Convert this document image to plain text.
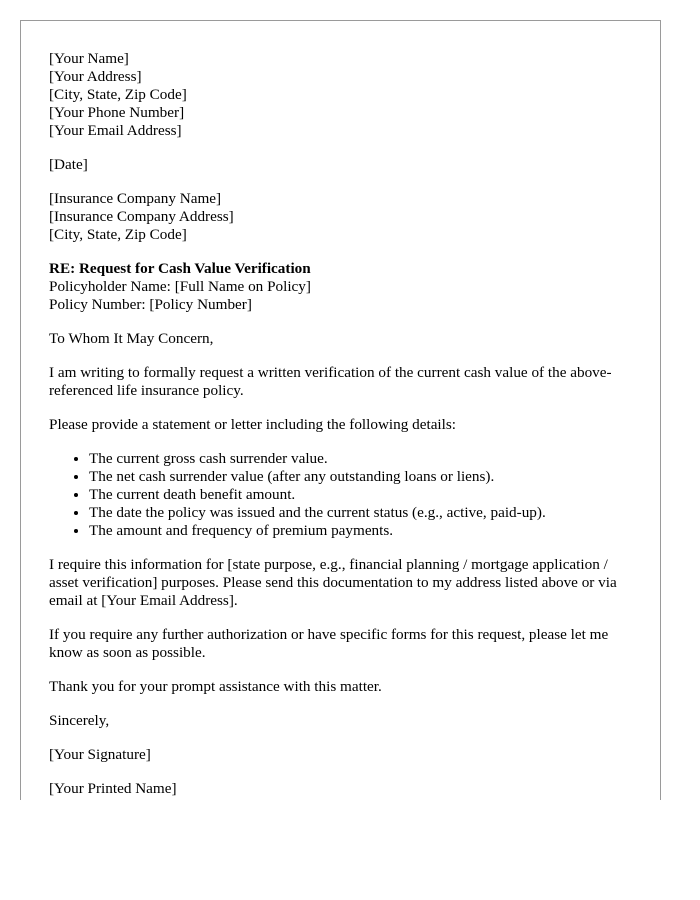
[Your Name]
[Your Address]
[City, State, Zip Code]
[Your Phone Number]
[Your Email Address]
[Date]
[Insurance Company Name]
[Insurance Company Address]
[City, State, Zip Code]
RE: Request for Cash Value Verification
Policyholder Name: [Full Name on Policy]
Policy Number: [Policy Number]

To Whom It May Concern,

I am writing to formally request a written verification of the current cash value of the above-referenced life insurance policy.

Please provide a statement or letter including the following details:

• The current gross cash surrender value.
• The net cash surrender value (after any outstanding loans or liens).
• The current death benefit amount.
• The date the policy was issued and the current status (e.g., active, paid-up).
• The amount and frequency of premium payments.

I require this information for [state purpose, e.g., financial planning / mortgage application / asset verification] purposes. Please send this documentation to my address listed above or via email at [Your Email Address].

If you require any further authorization or have specific forms for this request, please let me know as soon as possible.

Thank you for your prompt assistance with this matter.

Sincerely,

[Your Signature]

[Your Printed Name]
